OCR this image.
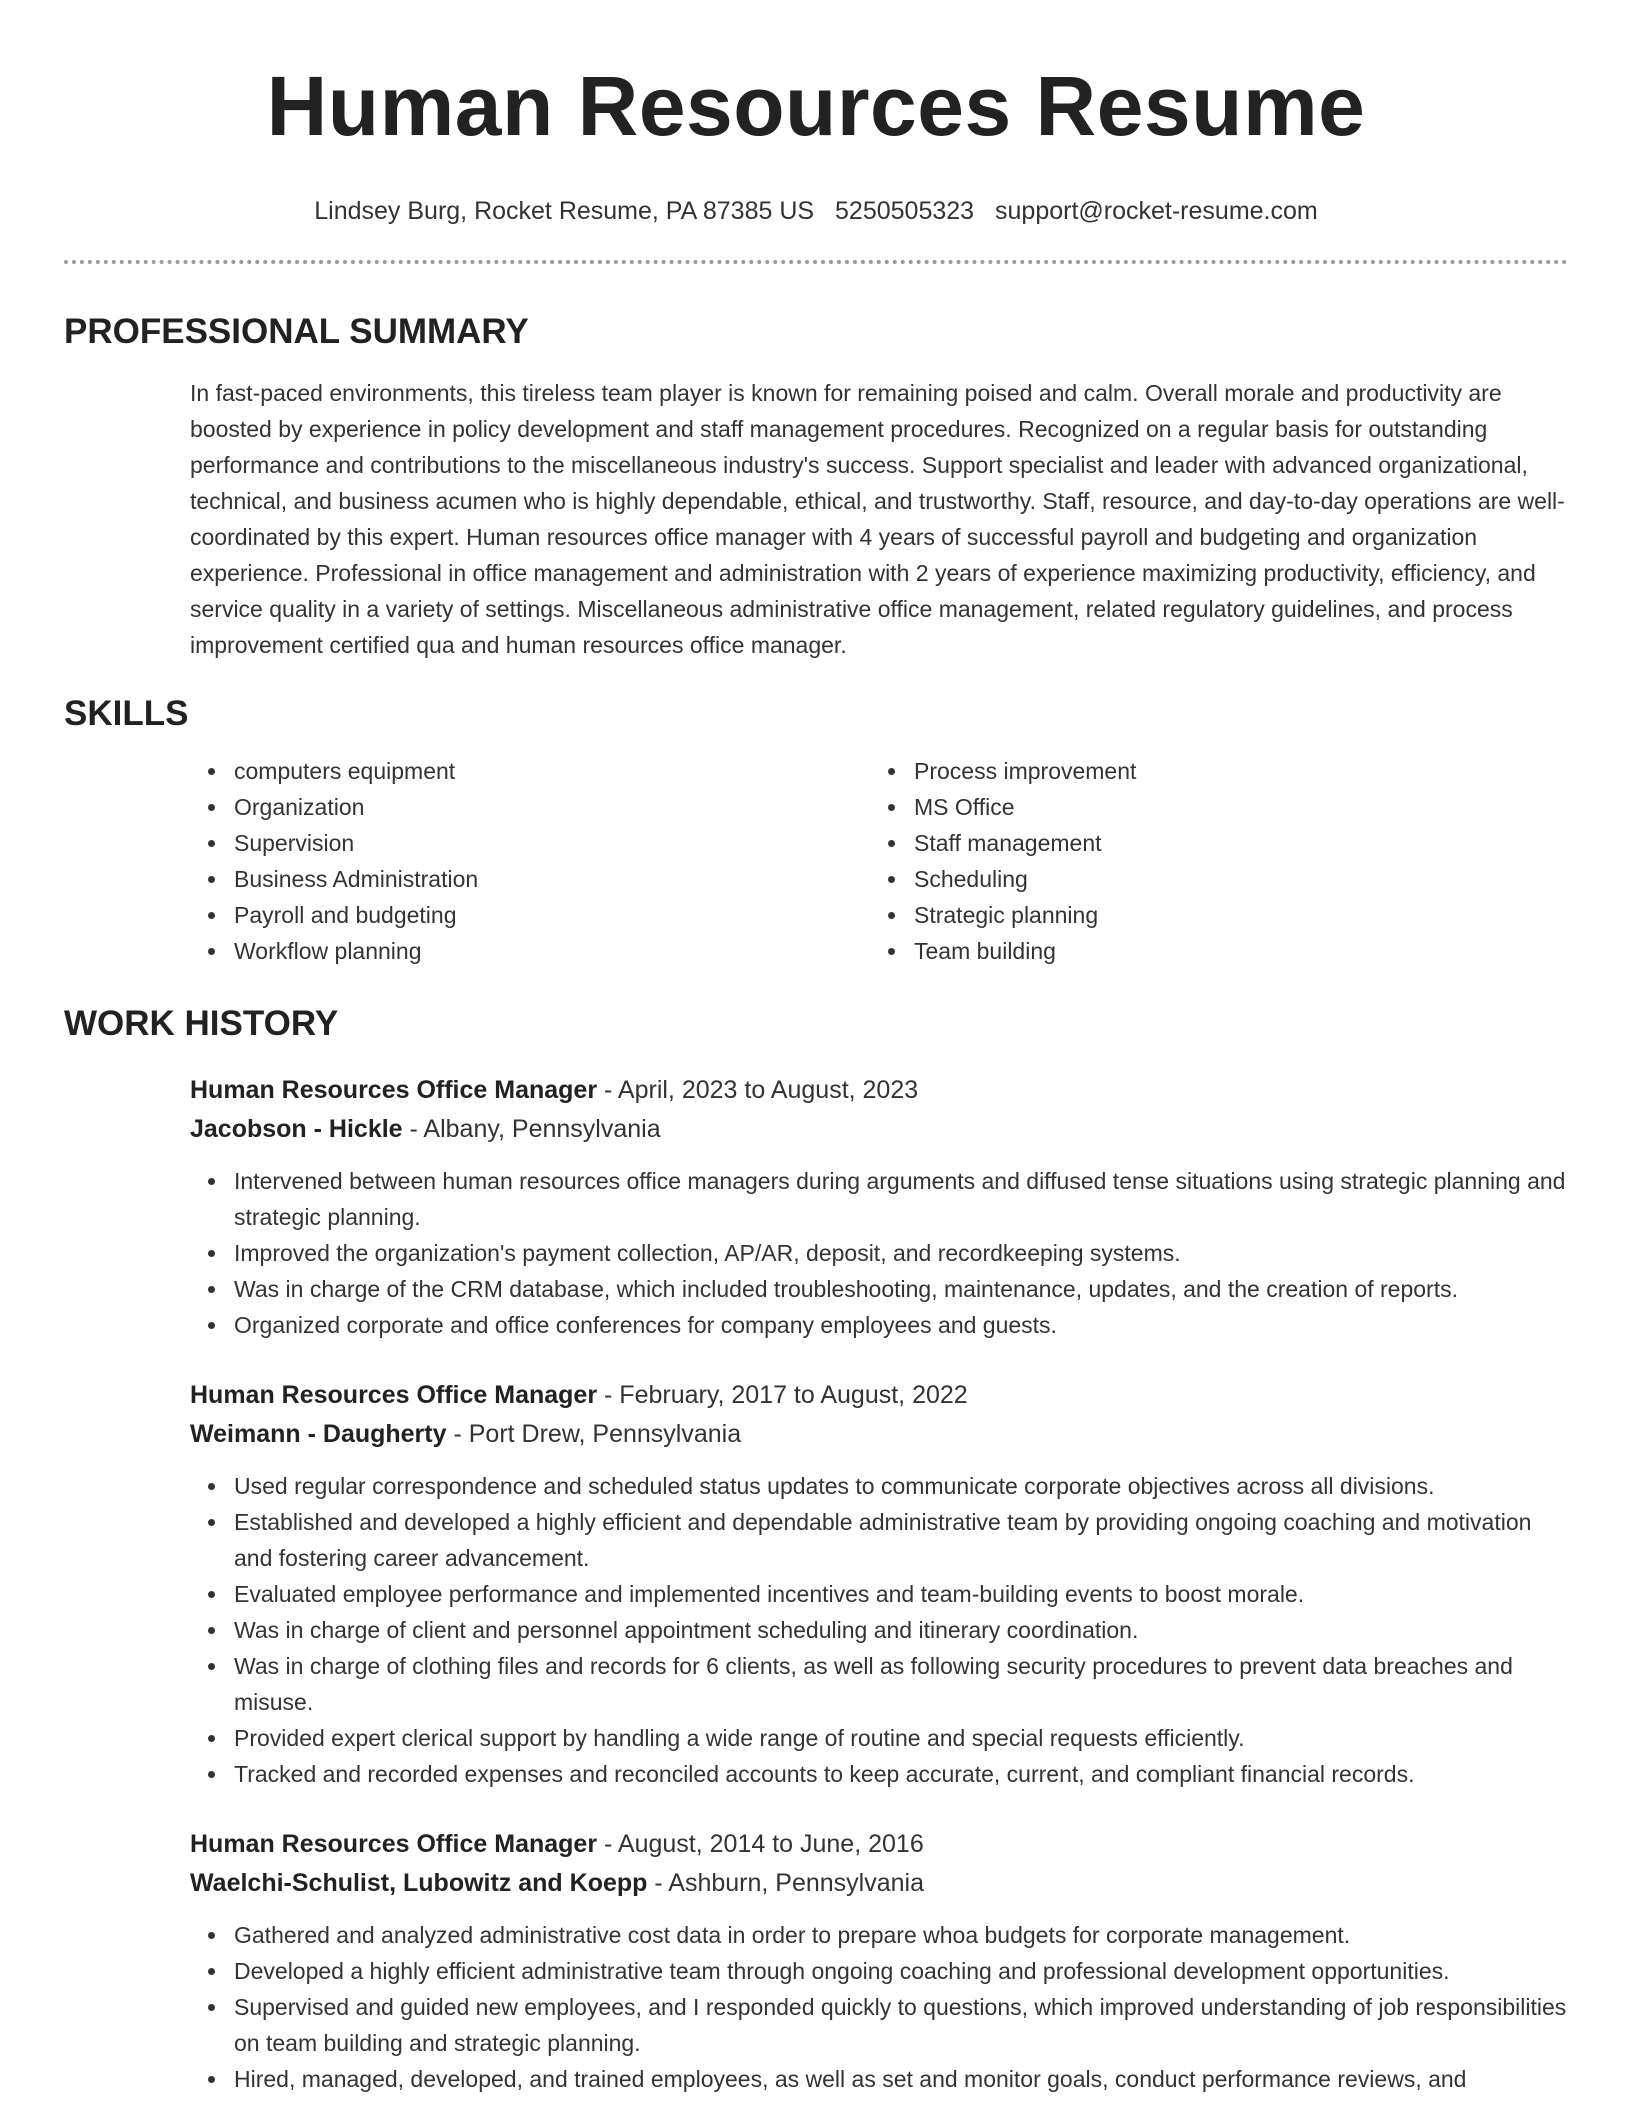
Human Resources Resume
Lindsey Burg, Rocket Resume, PA 87385 US 5250505323 support@rocket-resume.com
PROFESSIONAL SUMMARY

In fast-paced environments, this tireless team player is known for remaining poised and calm. Overall morale and productivity are boosted by experience in policy development and staff management procedures. Recognized on a regular basis for outstanding performance and contributions to the miscellaneous industry's success. Support specialist and leader with advanced organizational, technical, and business acumen who is highly dependable, ethical, and trustworthy. Staff, resource, and day-to-day operations are well-coordinated by this expert. Human resources office manager with 4 years of successful payroll and budgeting and organization experience. Professional in office management and administration with 2 years of experience maximizing productivity, efficiency, and service quality in a variety of settings. Miscellaneous administrative office management, related regulatory guidelines, and process improvement certified qua and human resources office manager.

SKILLS
computers equipment
Organization
Supervision
Business Administration
Payroll and budgeting
Workflow planning
Process improvement
MS Office
Staff management
Scheduling
Strategic planning
Team building
WORK HISTORY
Human Resources Office Manager - April, 2023 to August, 2023
Jacobson - Hickle - Albany, Pennsylvania
Intervened between human resources office managers during arguments and diffused tense situations using strategic planning and strategic planning.
Improved the organization's payment collection, AP/AR, deposit, and recordkeeping systems.
Was in charge of the CRM database, which included troubleshooting, maintenance, updates, and the creation of reports.
Organized corporate and office conferences for company employees and guests.
Human Resources Office Manager - February, 2017 to August, 2022
Weimann - Daugherty - Port Drew, Pennsylvania
Used regular correspondence and scheduled status updates to communicate corporate objectives across all divisions.
Established and developed a highly efficient and dependable administrative team by providing ongoing coaching and motivation and fostering career advancement.
Evaluated employee performance and implemented incentives and team-building events to boost morale.
Was in charge of client and personnel appointment scheduling and itinerary coordination.
Was in charge of clothing files and records for 6 clients, as well as following security procedures to prevent data breaches and misuse.
Provided expert clerical support by handling a wide range of routine and special requests efficiently.
Tracked and recorded expenses and reconciled accounts to keep accurate, current, and compliant financial records.
Human Resources Office Manager - August, 2014 to June, 2016
Waelchi-Schulist, Lubowitz and Koepp - Ashburn, Pennsylvania
Gathered and analyzed administrative cost data in order to prepare whoa budgets for corporate management.
Developed a highly efficient administrative team through ongoing coaching and professional development opportunities.
Supervised and guided new employees, and I responded quickly to questions, which improved understanding of job responsibilities on team building and strategic planning.
Hired, managed, developed, and trained employees, as well as set and monitor goals, conduct performance reviews, and
